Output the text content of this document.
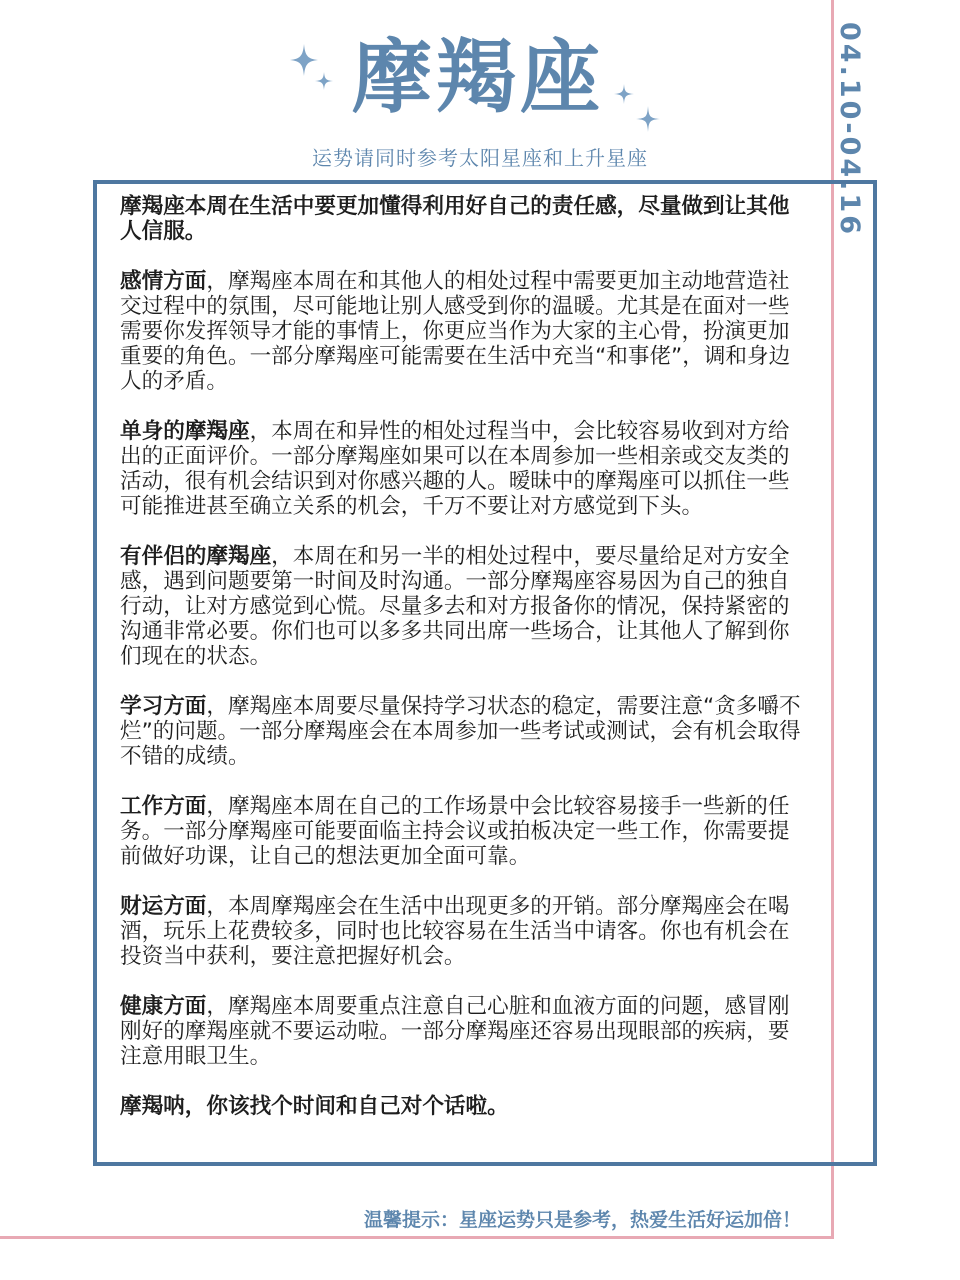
04.10-04.16
摩羯座
运势请同时参考太阳星座和上升星座

摩羯座本周在生活中要更加懂得利用好自己的责任感，尽量做到让其他人信服。

感情方面，摩羯座本周在和其他人的相处过程中需要更加主动地营造社交过程中的氛围，尽可能地让别人感受到你的温暖。尤其是在面对一些需要你发挥领导才能的事情上，你更应当作为大家的主心骨，扮演更加重要的角色。一部分摩羯座可能需要在生活中充当“和事佬”，调和身边人的矛盾。

单身的摩羯座，本周在和异性的相处过程当中，会比较容易收到对方给出的正面评价。一部分摩羯座如果可以在本周参加一些相亲或交友类的活动，很有机会结识到对你感兴趣的人。暧昧中的摩羯座可以抓住一些可能推进甚至确立关系的机会，千万不要让对方感觉到下头。

有伴侣的摩羯座，本周在和另一半的相处过程中，要尽量给足对方安全感，遇到问题要第一时间及时沟通。一部分摩羯座容易因为自己的独自行动，让对方感觉到心慌。尽量多去和对方报备你的情况，保持紧密的沟通非常必要。你们也可以多多共同出席一些场合，让其他人了解到你们现在的状态。

学习方面，摩羯座本周要尽量保持学习状态的稳定，需要注意“贪多嚼不烂”的问题。一部分摩羯座会在本周参加一些考试或测试，会有机会取得不错的成绩。

工作方面，摩羯座本周在自己的工作场景中会比较容易接手一些新的任务。一部分摩羯座可能要面临主持会议或拍板决定一些工作，你需要提前做好功课，让自己的想法更加全面可靠。

财运方面，本周摩羯座会在生活中出现更多的开销。部分摩羯座会在喝酒，玩乐上花费较多，同时也比较容易在生活当中请客。你也有机会在投资当中获利，要注意把握好机会。

健康方面，摩羯座本周要重点注意自己心脏和血液方面的问题，感冒刚刚好的摩羯座就不要运动啦。一部分摩羯座还容易出现眼部的疾病，要注意用眼卫生。

摩羯呐，你该找个时间和自己对个话啦。

温馨提示：星座运势只是参考，热爱生活好运加倍！
